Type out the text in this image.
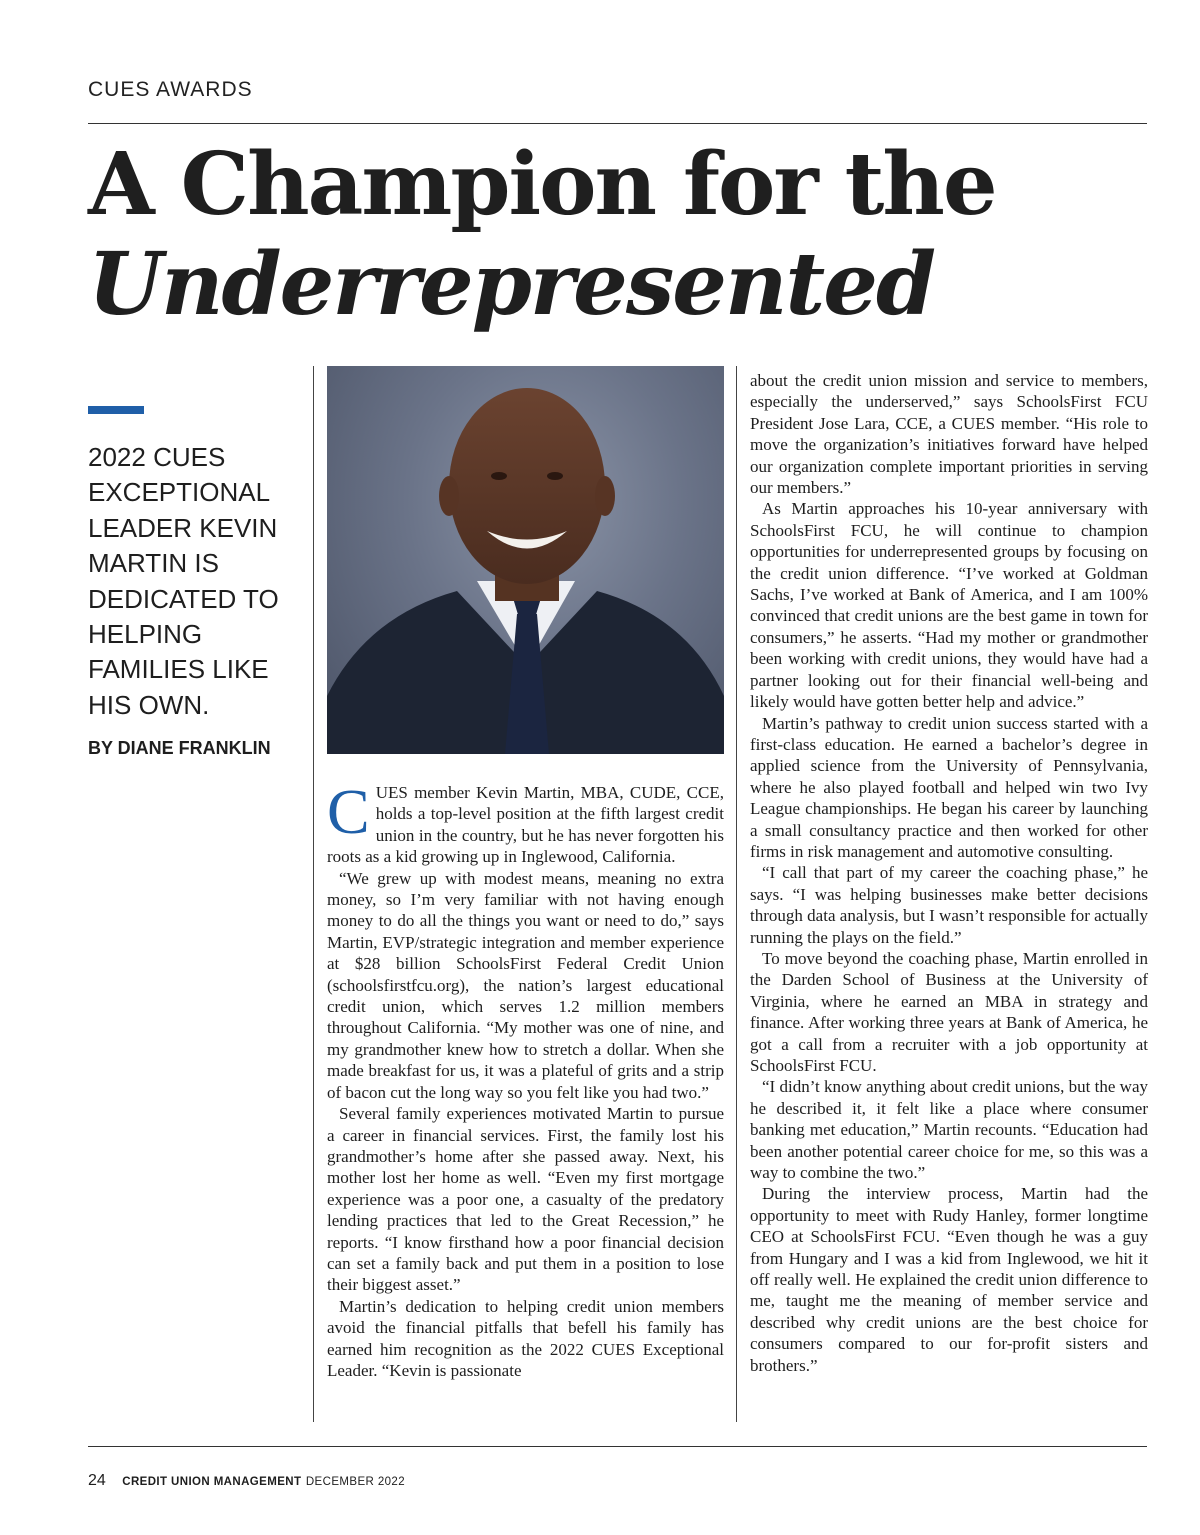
CUES AWARDS
A Champion for the
Underrepresented
2022 CUES EXCEPTIONAL LEADER KEVIN MARTIN IS DEDICATED TO HELPING FAMILIES LIKE HIS OWN.
BY DIANE FRANKLIN

CUES member Kevin Martin, MBA, CUDE, CCE, holds a top-level position at the fifth largest credit union in the country, but he has never forgotten his roots as a kid growing up in Inglewood, California.

“We grew up with modest means, meaning no extra money, so I’m very familiar with not having enough money to do all the things you want or need to do,” says Martin, EVP/strategic integration and member experience at $28 billion SchoolsFirst Federal Credit Union (schoolsfirstfcu.org), the nation’s largest educational credit union, which serves 1.2 million members throughout California. “My mother was one of nine, and my grandmother knew how to stretch a dollar. When she made breakfast for us, it was a plateful of grits and a strip of bacon cut the long way so you felt like you had two.”

Several family experiences motivated Martin to pursue a career in financial services. First, the family lost his grandmother’s home after she passed away. Next, his mother lost her home as well. “Even my first mortgage experience was a poor one, a casualty of the predatory lending practices that led to the Great Recession,” he reports. “I know firsthand how a poor financial decision can set a family back and put them in a position to lose their biggest asset.”

Martin’s dedication to helping credit union members avoid the financial pitfalls that befell his family has earned him recognition as the 2022 CUES Exceptional Leader. “Kevin is passionate

about the credit union mission and service to members, especially the underserved,” says SchoolsFirst FCU President Jose Lara, CCE, a CUES member. “His role to move the organization’s initiatives forward have helped our organization complete important priorities in serving our members.”

As Martin approaches his 10-year anniversary with SchoolsFirst FCU, he will continue to champion opportunities for underrepresented groups by focusing on the credit union difference. “I’ve worked at Goldman Sachs, I’ve worked at Bank of America, and I am 100% convinced that credit unions are the best game in town for consumers,” he asserts. “Had my mother or grandmother been working with credit unions, they would have had a partner looking out for their financial well-being and likely would have gotten better help and advice.”

Martin’s pathway to credit union success started with a first-class education. He earned a bachelor’s degree in applied science from the University of Pennsylvania, where he also played football and helped win two Ivy League championships. He began his career by launching a small consultancy practice and then worked for other firms in risk management and automotive consulting.

“I call that part of my career the coaching phase,” he says. “I was helping businesses make better decisions through data analysis, but I wasn’t responsible for actually running the plays on the field.”

To move beyond the coaching phase, Martin enrolled in the Darden School of Business at the University of Virginia, where he earned an MBA in strategy and finance. After working three years at Bank of America, he got a call from a recruiter with a job opportunity at SchoolsFirst FCU.

“I didn’t know anything about credit unions, but the way he described it, it felt like a place where consumer banking met education,” Martin recounts. “Education had been another potential career choice for me, so this was a way to combine the two.”

During the interview process, Martin had the opportunity to meet with Rudy Hanley, former longtime CEO at SchoolsFirst FCU. “Even though he was a guy from Hungary and I was a kid from Inglewood, we hit it off really well. He explained the credit union difference to me, taught me the meaning of member service and described why credit unions are the best choice for consumers compared to our for-profit sisters and brothers.”

24 CREDIT UNION MANAGEMENT DECEMBER 2022
